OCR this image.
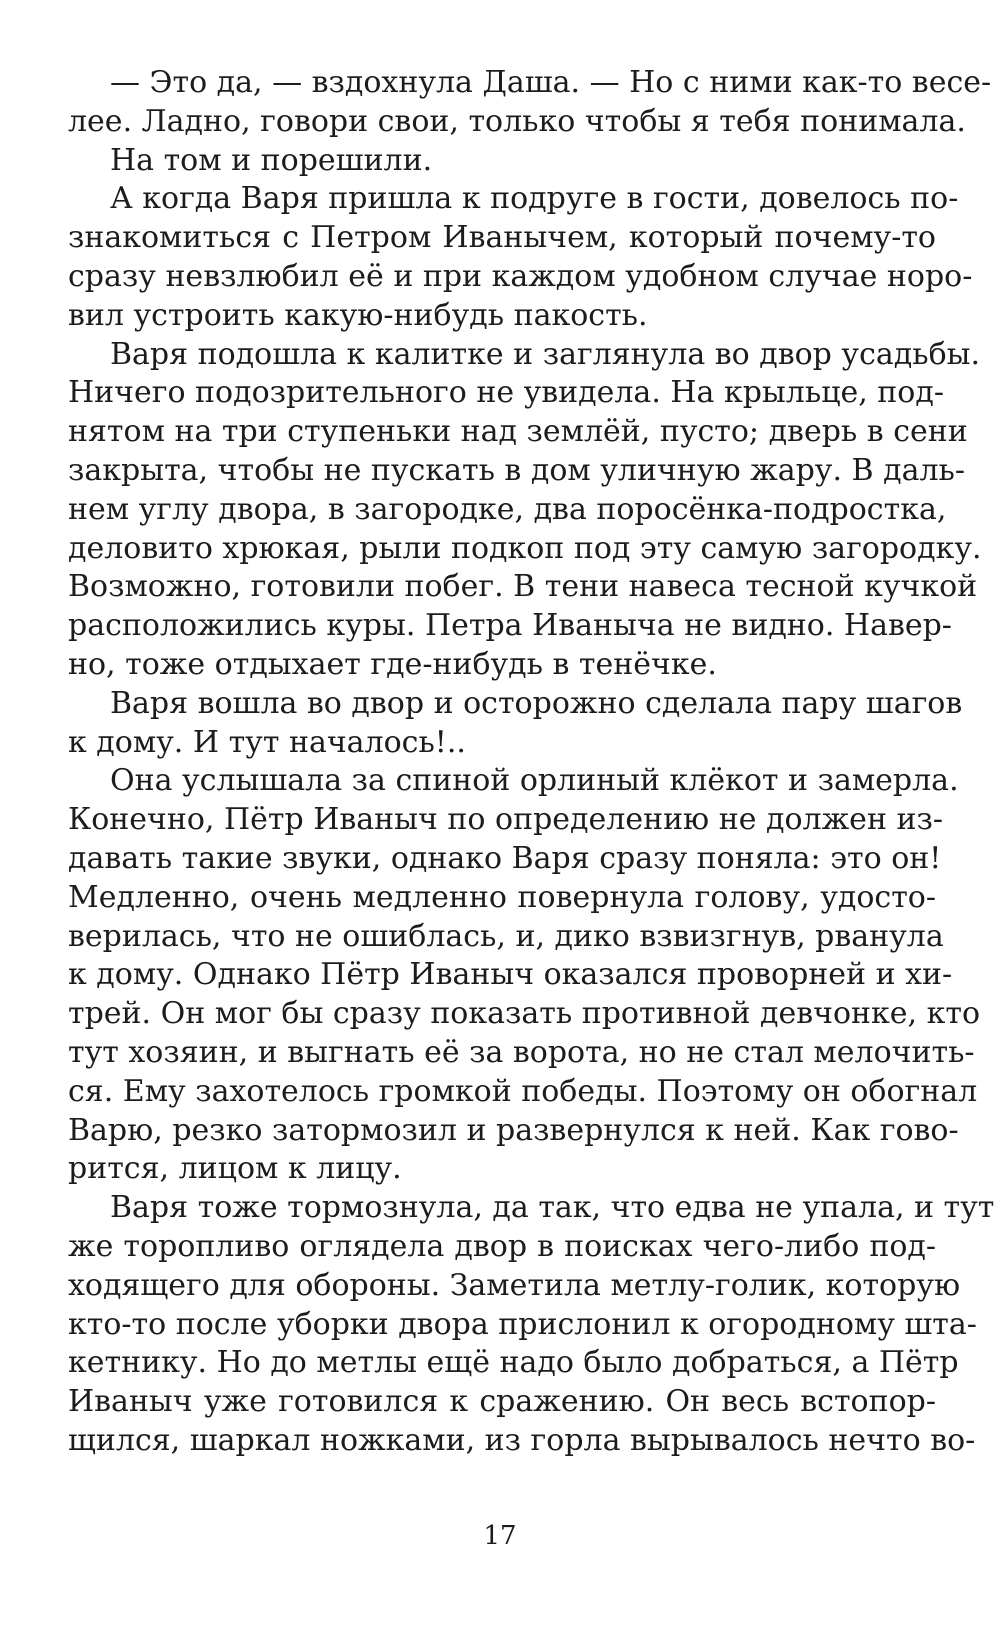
— Это да, — вздохнула Даша. — Но с ними как-то весе-
лее. Ладно, говори свои, только чтобы я тебя понимала.

На том и порешили.

А когда Варя пришла к подруге в гости, довелось по-
знакомиться с Петром Иванычем, который почему-то
сразу невзлюбил её и при каждом удобном случае норо-
вил устроить какую-нибудь пакость.

Варя подошла к калитке и заглянула во двор усадьбы.
Ничего подозрительного не увидела. На крыльце, под-
нятом на три ступеньки над землёй, пусто; дверь в сени
закрыта, чтобы не пускать в дом уличную жару. В даль-
нем углу двора, в загородке, два поросёнка-подростка,
деловито хрюкая, рыли подкоп под эту самую загородку.
Возможно, готовили побег. В тени навеса тесной кучкой
расположились куры. Петра Иваныча не видно. Навер-
но, тоже отдыхает где-нибудь в тенёчке.

Варя вошла во двор и осторожно сделала пару шагов
к дому. И тут началось!..

Она услышала за спиной орлиный клёкот и замерла.
Конечно, Пётр Иваныч по определению не должен из-
давать такие звуки, однако Варя сразу поняла: это он!
Медленно, очень медленно повернула голову, удосто-
верилась, что не ошиблась, и, дико взвизгнув, рванула
к дому. Однако Пётр Иваныч оказался проворней и хи-
трей. Он мог бы сразу показать противной девчонке, кто
тут хозяин, и выгнать её за ворота, но не стал мелочить-
ся. Ему захотелось громкой победы. Поэтому он обогнал
Варю, резко затормозил и развернулся к ней. Как гово-
рится, лицом к лицу.

Варя тоже тормознула, да так, что едва не упала, и тут
же торопливо оглядела двор в поисках чего-либо под-
ходящего для обороны. Заметила метлу-голик, которую
кто-то после уборки двора прислонил к огородному шта-
кетнику. Но до метлы ещё надо было добраться, а Пётр
Иваныч уже готовился к сражению. Он весь встопор-
щился, шаркал ножками, из горла вырывалось нечто во-

17
